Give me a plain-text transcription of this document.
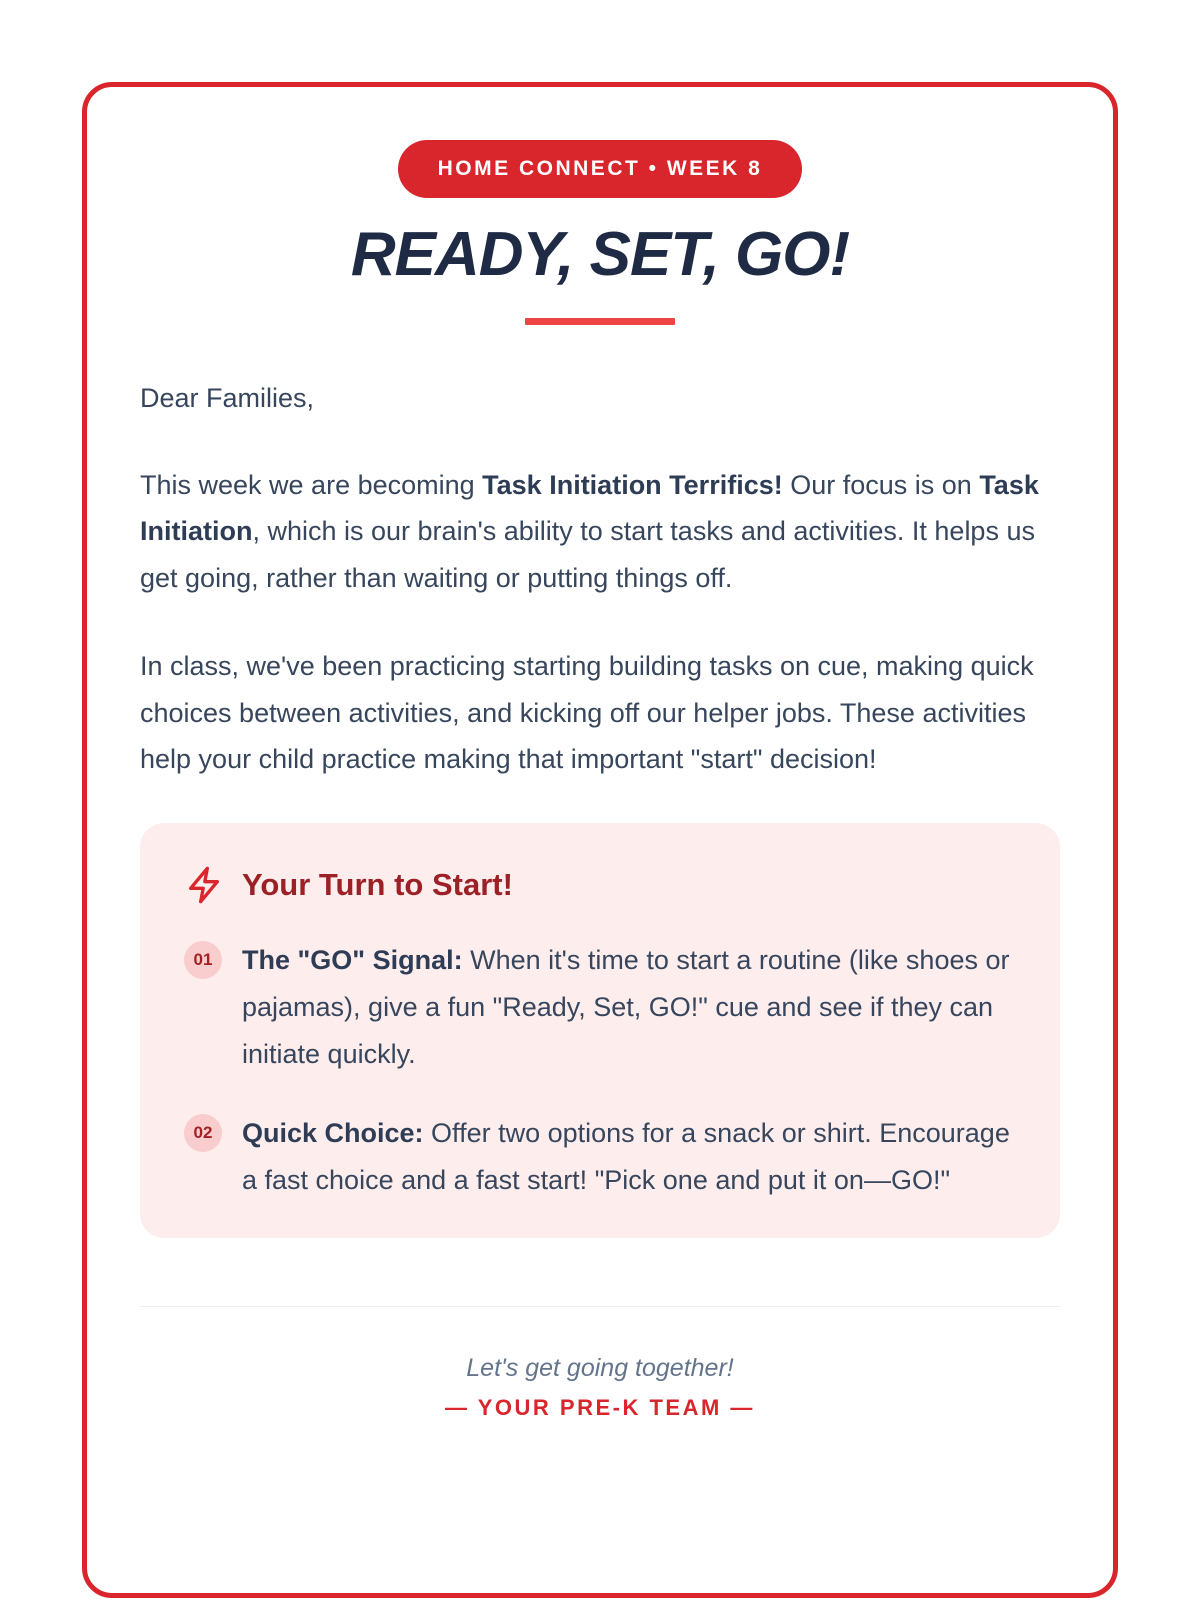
HOME CONNECT • WEEK 8
READY, SET, GO!

Dear Families,

This week we are becoming Task Initiation Terrifics! Our focus is on Task Initiation, which is our brain's ability to start tasks and activities. It helps us get going, rather than waiting or putting things off.

In class, we've been practicing starting building tasks on cue, making quick choices between activities, and kicking off our helper jobs. These activities help your child practice making that important "start" decision!

Your Turn to Start!
01	The "GO" Signal: When it's time to start a routine (like shoes or pajamas), give a fun "Ready, Set, GO!" cue and see if they can initiate quickly.

02	Quick Choice: Offer two options for a snack or shirt. Encourage a fast choice and a fast start! "Pick one and put it on—GO!"

Let's get going together!

— YOUR PRE-K TEAM —
